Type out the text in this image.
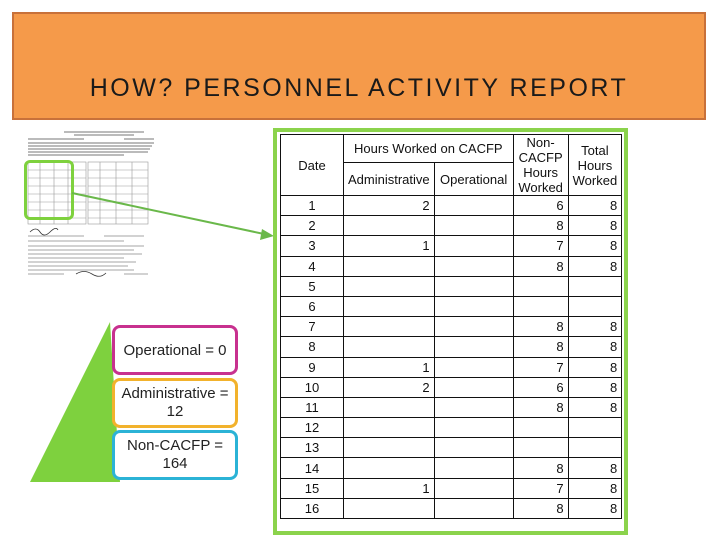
HOW? PERSONNEL ACTIVITY REPORT
Operational = 0
Administrative = 12
Non-CACFP = 164
Date	Hours Worked on CACFP		Non-CACFP Hours Worked	Total Hours Worked
	Administrative	Operational		
1	2		6	8
2			8	8
3	1		7	8
4			8	8
5				
6				
7			8	8
8			8	8
9	1		7	8
10	2		6	8
11			8	8
12				
13				
14			8	8
15	1		7	8
16			8	8
